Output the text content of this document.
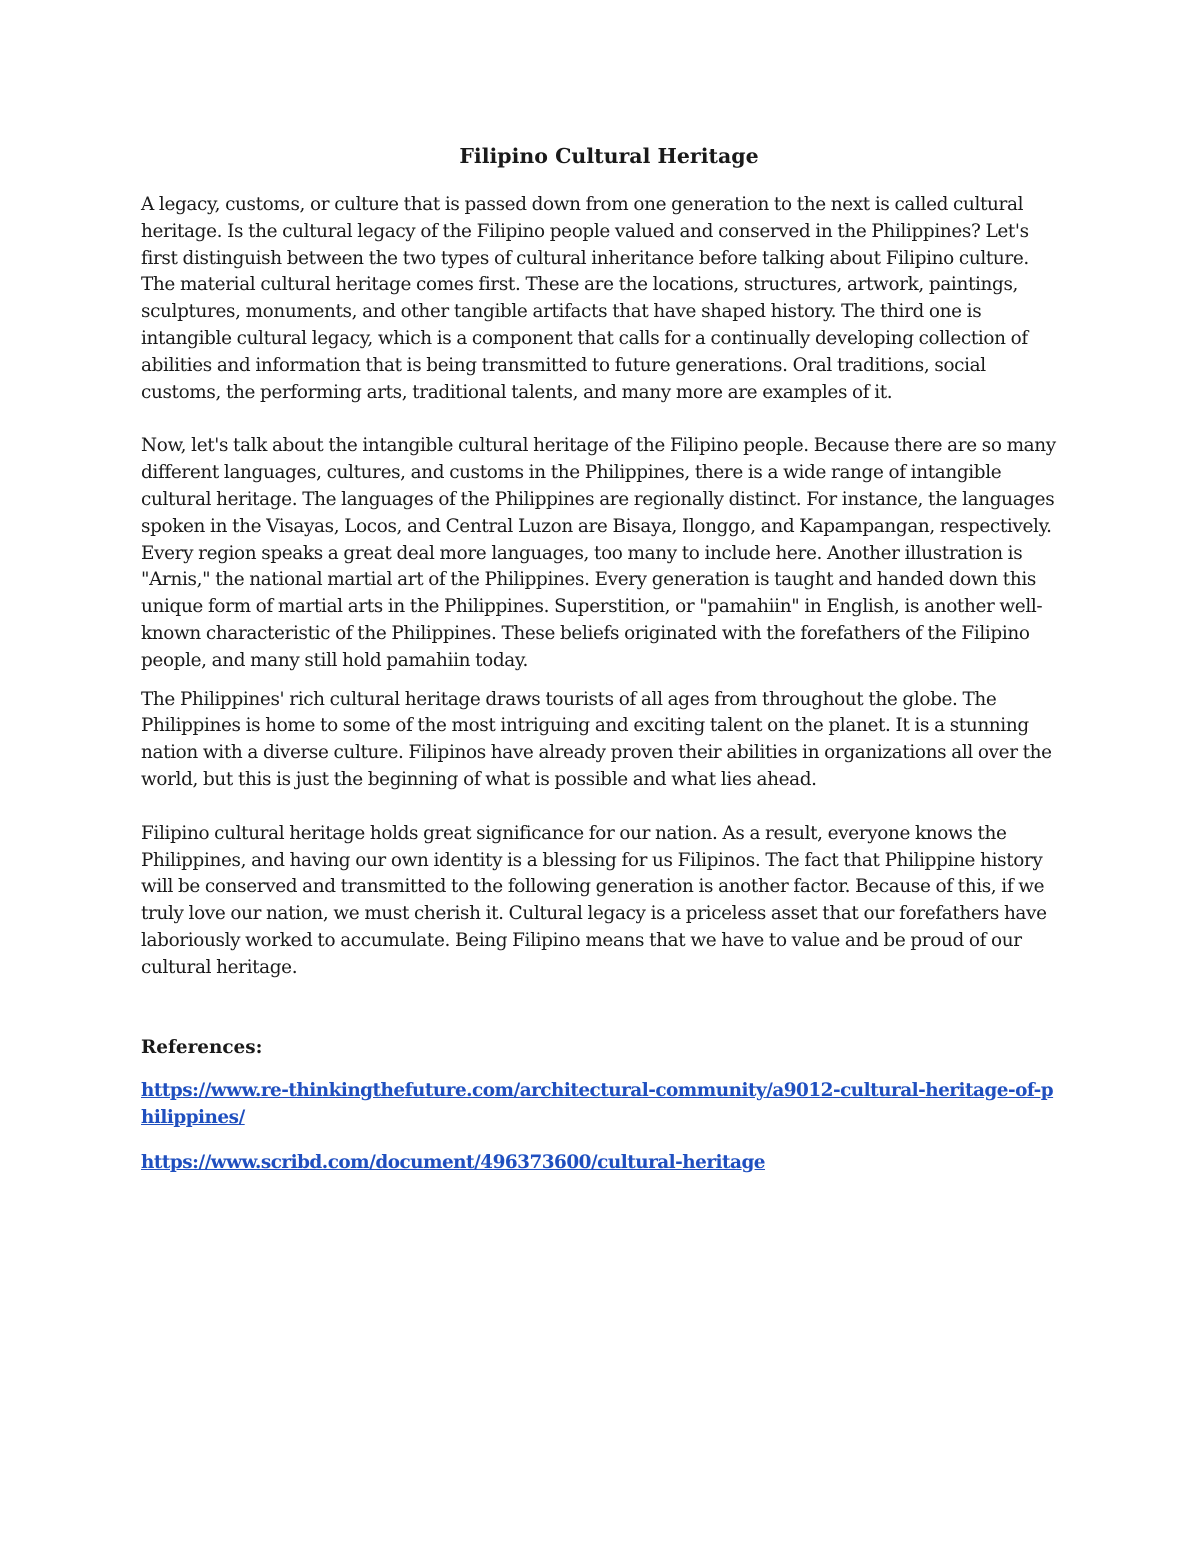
Filipino Cultural Heritage

A legacy, customs, or culture that is passed down from one generation to the next is called cultural heritage. Is the cultural legacy of the Filipino people valued and conserved in the Philippines? Let's first distinguish between the two types of cultural inheritance before talking about Filipino culture. The material cultural heritage comes first. These are the locations, structures, artwork, paintings, sculptures, monuments, and other tangible artifacts that have shaped history. The third one is intangible cultural legacy, which is a component that calls for a continually developing collection of abilities and information that is being transmitted to future generations. Oral traditions, social customs, the performing arts, traditional talents, and many more are examples of it.

Now, let's talk about the intangible cultural heritage of the Filipino people. Because there are so many different languages, cultures, and customs in the Philippines, there is a wide range of intangible cultural heritage. The languages of the Philippines are regionally distinct. For instance, the languages spoken in the Visayas, Locos, and Central Luzon are Bisaya, Ilonggo, and Kapampangan, respectively. Every region speaks a great deal more languages, too many to include here. Another illustration is "Arnis," the national martial art of the Philippines. Every generation is taught and handed down this unique form of martial arts in the Philippines. Superstition, or "pamahiin" in English, is another well-known characteristic of the Philippines. These beliefs originated with the forefathers of the Filipino people, and many still hold pamahiin today.

The Philippines' rich cultural heritage draws tourists of all ages from throughout the globe. The Philippines is home to some of the most intriguing and exciting talent on the planet. It is a stunning nation with a diverse culture. Filipinos have already proven their abilities in organizations all over the world, but this is just the beginning of what is possible and what lies ahead.

Filipino cultural heritage holds great significance for our nation. As a result, everyone knows the Philippines, and having our own identity is a blessing for us Filipinos. The fact that Philippine history will be conserved and transmitted to the following generation is another factor. Because of this, if we truly love our nation, we must cherish it. Cultural legacy is a priceless asset that our forefathers have laboriously worked to accumulate. Being Filipino means that we have to value and be proud of our cultural heritage.

References:

https://www.re-thinkingthefuture.com/architectural-community/a9012-cultural-heritage-of-philippines/
https://www.scribd.com/document/496373600/cultural-heritage
